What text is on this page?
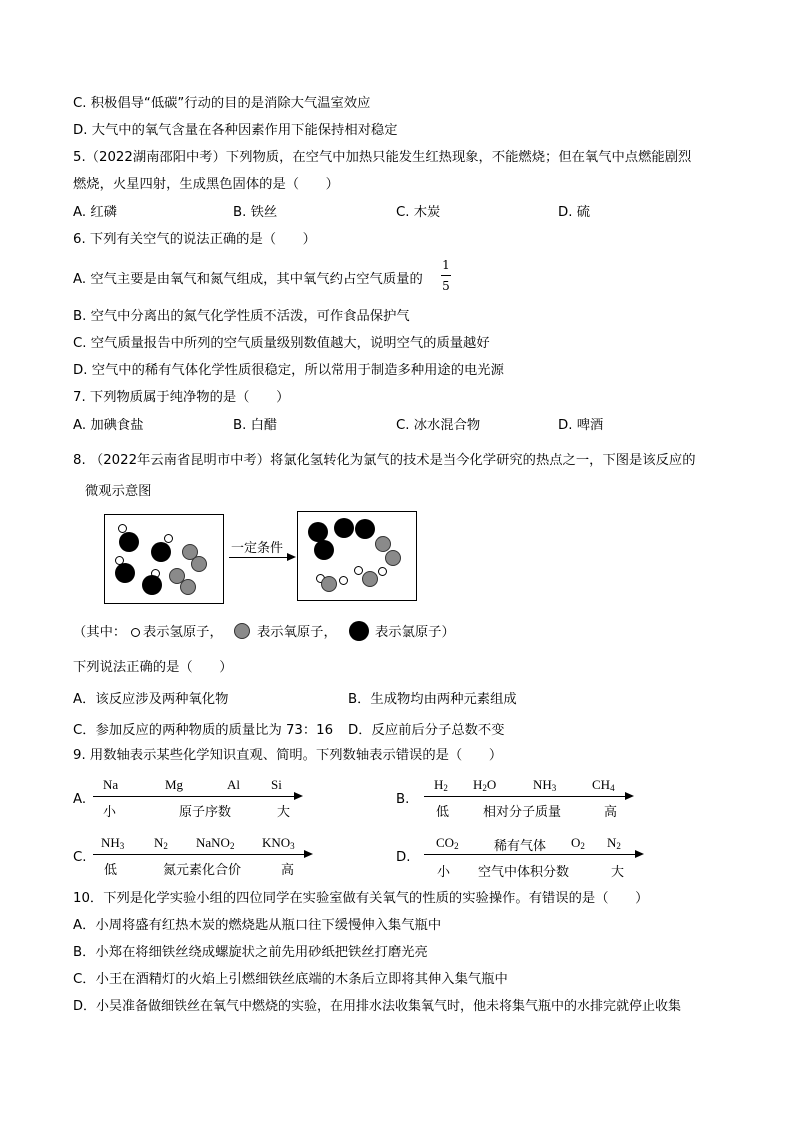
C. 积极倡导“低碳”行动的目的是消除大气温室效应
D. 大气中的氧气含量在各种因素作用下能保持相对稳定
5.（2022湖南邵阳中考）下列物质，在空气中加热只能发生红热现象，不能燃烧；但在氧气中点燃能剧烈
燃烧，火星四射，生成黑色固体的是（　　）
A. 红磷	B. 铁丝	C. 木炭	D. 硫
6. 下列有关空气的说法正确的是（　　）
A. 空气主要是由氧气和氮气组成，其中氧气约占空气质量的
1
5
B. 空气中分离出的氮气化学性质不活泼，可作食品保护气
C. 空气质量报告中所列的空气质量级别数值越大，说明空气的质量越好
D. 空气中的稀有气体化学性质很稳定，所以常用于制造多种用途的电光源
7. 下列物质属于纯净物的是（　　）
A. 加碘食盐	B. 白醋	C. 冰水混合物	D. 啤酒
8. （2022年云南省昆明市中考）将氯化氢转化为氯气的技术是当今化学研究的热点之一，下图是该反应的
微观示意图
一定条件
（其中： 表示氢原子，	表示氧原子，	表示氯原子）
下列说法正确的是（　　）
A．该反应涉及两种氧化物	B．生成物均由两种元素组成
C．参加反应的两种物质的质量比为 73：16 D．反应前后分子总数不变
9. 用数轴表示某些化学知识直观、简明。下列数轴表示错误的是（　　）
A.
Na	Mg	Al Si
小	原子序数	大
B.
$H_2$ $H_2O$	$NH_3$	$CH_4$
低	相对分子质量	高
C.
$NH_3$ $N_2$ NaNO$_2$ $KNO_3$
低	氮元素化合价	高
D.
$CO_2$	稀有气体 $O_2$ $N_2$
小 空气中体积分数	大
10．下列是化学实验小组的四位同学在实验室做有关氧气的性质的实验操作。有错误的是（　　）
A．小周将盛有红热木炭的燃烧匙从瓶口往下缓慢伸入集气瓶中
B．小郑在将细铁丝绕成螺旋状之前先用砂纸把铁丝打磨光亮
C．小王在酒精灯的火焰上引燃细铁丝底端的木条后立即将其伸入集气瓶中
D．小吴准备做细铁丝在氧气中燃烧的实验，在用排水法收集氧气时，他未将集气瓶中的水排完就停止收集
